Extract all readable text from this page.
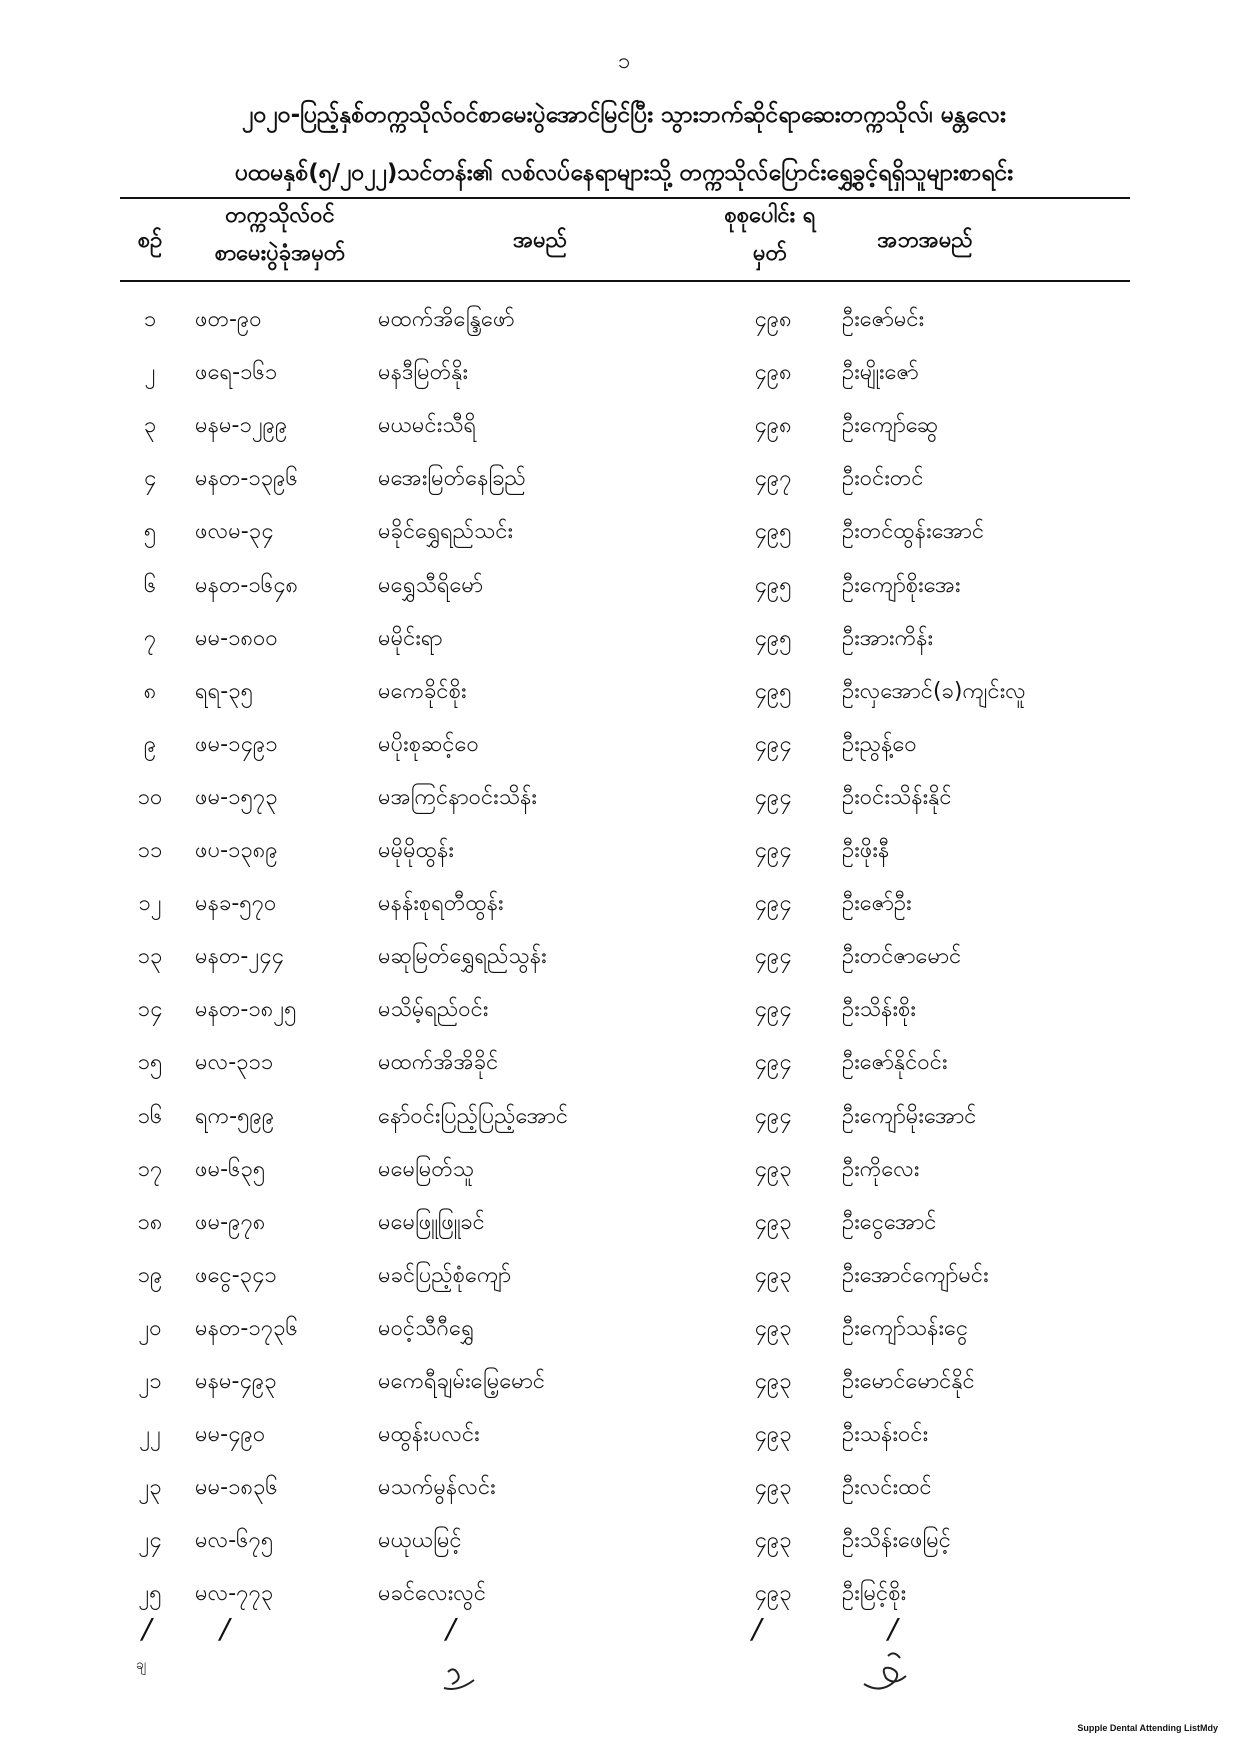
၁
၂၀၂၀-ပြည့်နှစ်တက္ကသိုလ်ဝင်စာမေးပွဲအောင်မြင်ပြီး သွားဘက်ဆိုင်ရာဆေးတက္ကသိုလ်၊ မန္တလေး
ပထမနှစ်(၅/၂၀၂၂)သင်တန်း၏ လစ်လပ်နေရာများသို့ တက္ကသိုလ်ပြောင်းရွှေ့ခွင့်ရရှိသူများစာရင်း
စဉ်
တက္ကသိုလ်ဝင် စာမေးပွဲခုံအမှတ်
အမည်
စုစုပေါင်း ရမှတ်
အဘအမည်
၁	ဖတ-၉၀	မထက်အိန္ဒြေဖော်	၄၉၈	ဦးဇော်မင်း
၂	ဖရေ-၁၆၁	မနဒီမြတ်နိုး	၄၉၈	ဦးမျိုးဇော်
၃	မနမ-၁၂၉၉	မယမင်းသီရိ	၄၉၈	ဦးကျော်ဆွေ
၄	မနတ-၁၃၉၆	မအေးမြတ်နေခြည်	၄၉၇	ဦးဝင်းတင်
၅	ဖလမ-၃၄	မခိုင်ရွှေရည်သင်း	၄၉၅	ဦးတင်ထွန်းအောင်
၆	မနတ-၁၆၄၈	မရွှေသီရိမော်	၄၉၅	ဦးကျော်စိုးအေး
၇	မမ-၁၈၀၀	မမိုင်းရာ	၄၉၅	ဦးအားကိန်း
၈	ရရ-၃၅	မကေခိုင်စိုး	၄၉၅	ဦးလှအောင်(ခ)ကျင်းလူ
၉	ဖမ-၁၄၉၁	မပိုးစုဆင့်ဝေ	၄၉၄	ဦးညွန့်ဝေ
၁၀	ဖမ-၁၅၇၃	မအကြင်နာဝင်းသိန်း	၄၉၄	ဦးဝင်းသိန်းနိုင်
၁၁	ဖပ-၁၃၈၉	မမိုမိုထွန်း	၄၉၄	ဦးဖိုးနီ
၁၂	မနခ-၅၇၀	မနန်းစုရတီထွန်း	၄၉၄	ဦးဇော်ဦး
၁၃	မနတ-၂၄၄	မဆုမြတ်ရွှေရည်သွန်း	၄၉၄	ဦးတင်ဇာမောင်
၁၄	မနတ-၁၈၂၅	မသိမ့်ရည်ဝင်း	၄၉၄	ဦးသိန်းစိုး
၁၅	မလ-၃၁၁	မထက်အိအိခိုင်	၄၉၄	ဦးဇော်နိုင်ဝင်း
၁၆	ရက-၅၉၉	နော်ဝင်းပြည့်ပြည့်အောင်	၄၉၄	ဦးကျော်မိုးအောင်
၁၇	ဖမ-၆၃၅	မမေမြတ်သူ	၄၉၃	ဦးကိုလေး
၁၈	ဖမ-၉၇၈	မမေဖြူဖြူခင်	၄၉၃	ဦးငွေအောင်
၁၉	ဖငွေ-၃၄၁	မခင်ပြည့်စုံကျော်	၄၉၃	ဦးအောင်ကျော်မင်း
၂၀	မနတ-၁၇၃၆	မဝင့်သီဂီရွှေ	၄၉၃	ဦးကျော်သန်းငွေ
၂၁	မနမ-၄၉၃	မကေရီချမ်းမြေ့မောင်	၄၉၃	ဦးမောင်မောင်နိုင်
၂၂	မမ-၄၉၀	မထွန်းပလင်း	၄၉၃	ဦးသန်းဝင်း
၂၃	မမ-၁၈၃၆	မသက်မွန်လင်း	၄၉၃	ဦးလင်းထင်
၂၄	မလ-၆၇၅	မယုယမြင့်	၄၉၃	ဦးသိန်းဖေမြင့်
၂၅	မလ-၇၇၃	မခင်လေးလွင်	၄၉၃	ဦးမြင့်စိုး
/ /	/	/	/
ချ
Supple Dental Attending ListMdy
